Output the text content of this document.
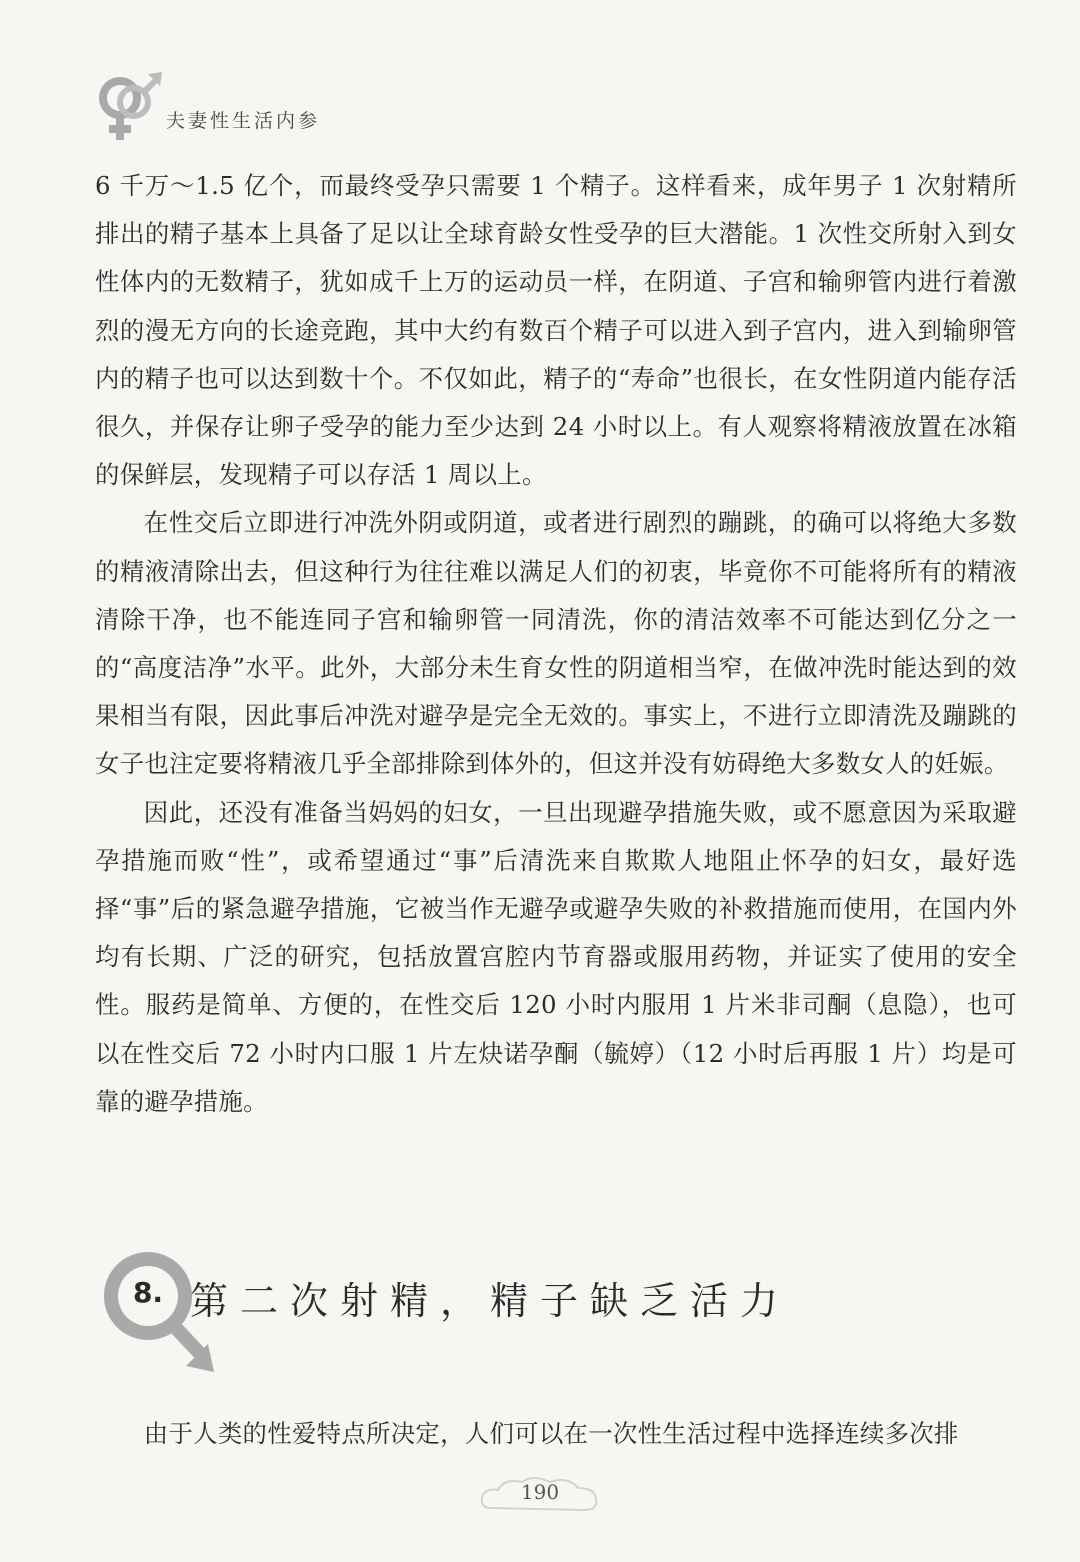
夫妻性生活内参

6 千万～1.5 亿个，而最终受孕只需要 1 个精子。这样看来，成年男子 1 次射精所排出的精子基本上具备了足以让全球育龄女性受孕的巨大潜能。1 次性交所射入到女性体内的无数精子，犹如成千上万的运动员一样，在阴道、子宫和输卵管内进行着激烈的漫无方向的长途竞跑，其中大约有数百个精子可以进入到子宫内，进入到输卵管内的精子也可以达到数十个。不仅如此，精子的“寿命”也很长，在女性阴道内能存活很久，并保存让卵子受孕的能力至少达到 24 小时以上。有人观察将精液放置在冰箱的保鲜层，发现精子可以存活 1 周以上。

在性交后立即进行冲洗外阴或阴道，或者进行剧烈的蹦跳，的确可以将绝大多数的精液清除出去，但这种行为往往难以满足人们的初衷，毕竟你不可能将所有的精液清除干净，也不能连同子宫和输卵管一同清洗，你的清洁效率不可能达到亿分之一的“高度洁净”水平。此外，大部分未生育女性的阴道相当窄，在做冲洗时能达到的效果相当有限，因此事后冲洗对避孕是完全无效的。事实上，不进行立即清洗及蹦跳的女子也注定要将精液几乎全部排除到体外的，但这并没有妨碍绝大多数女人的妊娠。

因此，还没有准备当妈妈的妇女，一旦出现避孕措施失败，或不愿意因为采取避孕措施而败“性”，或希望通过“事”后清洗来自欺欺人地阻止怀孕的妇女，最好选择“事”后的紧急避孕措施，它被当作无避孕或避孕失败的补救措施而使用，在国内外均有长期、广泛的研究，包括放置宫腔内节育器或服用药物，并证实了使用的安全性。服药是简单、方便的，在性交后 120 小时内服用 1 片米非司酮（息隐），也可以在性交后 72 小时内口服 1 片左炔诺孕酮（毓婷）（12 小时后再服 1 片）均是可靠的避孕措施。

8. 第二次射精，精子缺乏活力
由于人类的性爱特点所决定，人们可以在一次性生活过程中选择连续多次排
190
